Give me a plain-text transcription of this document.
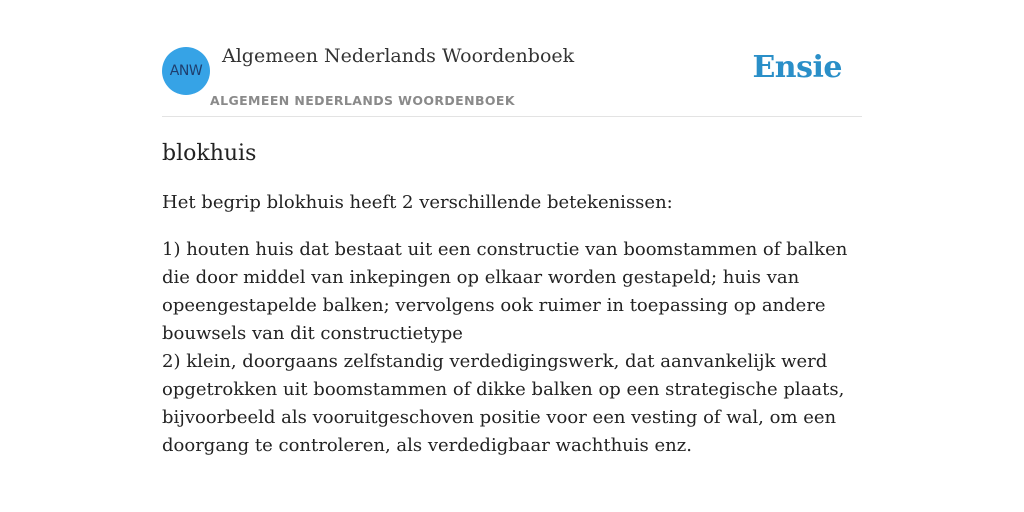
ANW
Algemeen Nederlands Woordenboek
ALGEMEEN NEDERLANDS WOORDENBOEK
Ensie
blokhuis

Het begrip blokhuis heeft 2 verschillende betekenissen:

1) houten huis dat bestaat uit een constructie van boomstammen of balken die door middel van inkepingen op elkaar worden gestapeld; huis van opeengestapelde balken; vervolgens ook ruimer in toepassing op andere bouwsels van dit constructietype

2) klein, doorgaans zelfstandig verdedigingswerk, dat aanvankelijk werd opgetrokken uit boomstammen of dikke balken op een strategische plaats, bijvoorbeeld als vooruitgeschoven positie voor een vesting of wal, om een doorgang te controleren, als verdedigbaar wachthuis enz.
